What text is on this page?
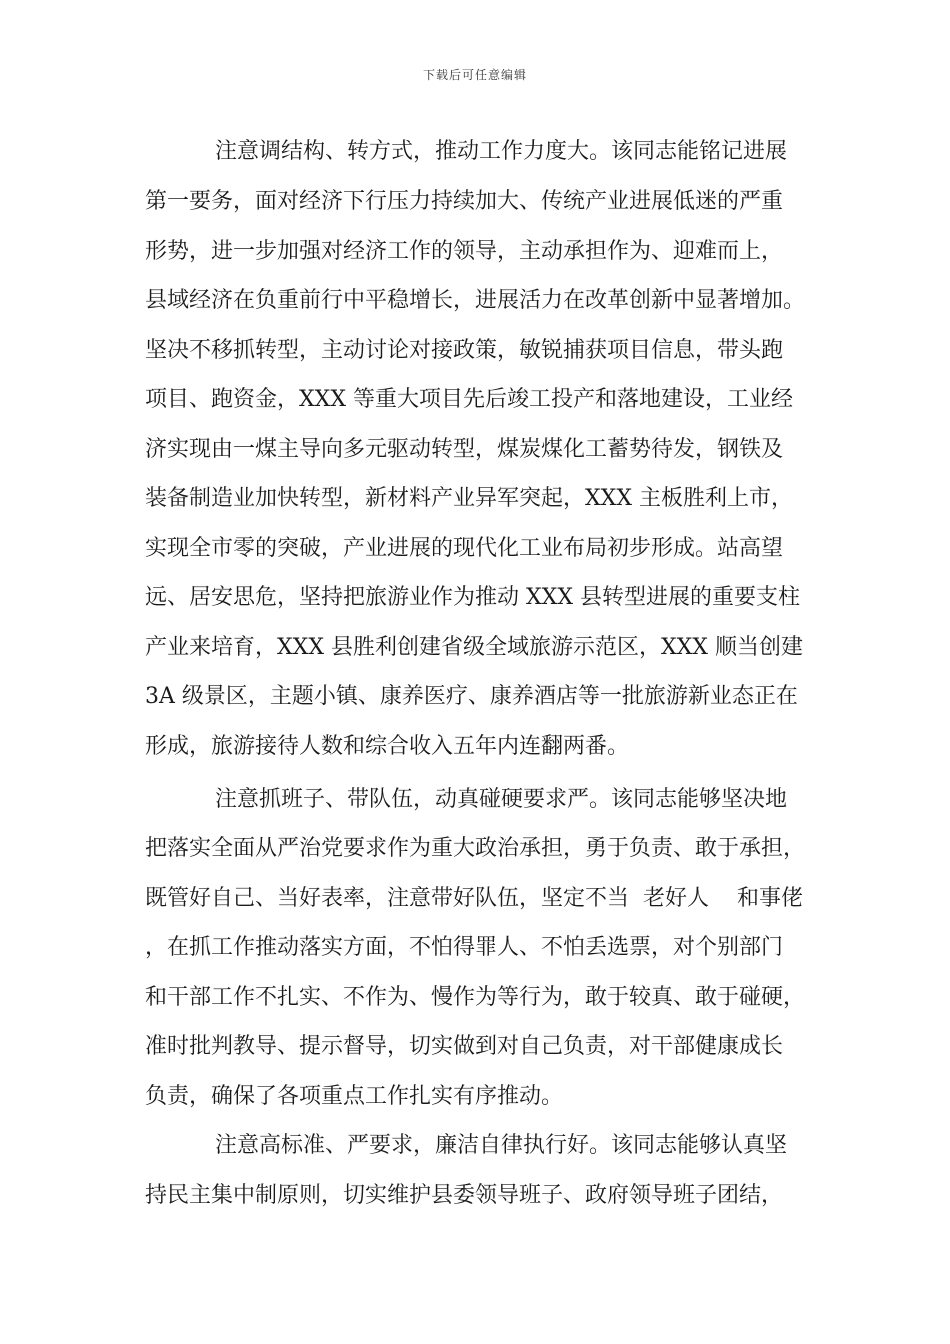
下载后可任意编辑
注意调结构、转方式，推动工作力度大。该同志能铭记进展
第一要务，面对经济下行压力持续加大、传统产业进展低迷的严重
形势，进一步加强对经济工作的领导，主动承担作为、迎难而上，
县域经济在负重前行中平稳增长，进展活力在改革创新中显著增加。
坚决不移抓转型，主动讨论对接政策，敏锐捕获项目信息，带头跑
项目、跑资金，XXX 等重大项目先后竣工投产和落地建设，工业经
济实现由一煤主导向多元驱动转型，煤炭煤化工蓄势待发，钢铁及
装备制造业加快转型，新材料产业异军突起，XXX 主板胜利上市，
实现全市零的突破，产业进展的现代化工业布局初步形成。站高望
远、居安思危，坚持把旅游业作为推动 XXX 县转型进展的重要支柱
产业来培育，XXX 县胜利创建省级全域旅游示范区，XXX 顺当创建
3A 级景区，主题小镇、康养医疗、康养酒店等一批旅游新业态正在
形成，旅游接待人数和综合收入五年内连翻两番。
注意抓班子、带队伍，动真碰硬要求严。该同志能够坚决地
把落实全面从严治党要求作为重大政治承担，勇于负责、敢于承担，
既管好自己、当好表率，注意带好队伍，坚定不当  老好人    和事佬
，在抓工作推动落实方面，不怕得罪人、不怕丢选票，对个别部门
和干部工作不扎实、不作为、慢作为等行为，敢于较真、敢于碰硬，
准时批判教导、提示督导，切实做到对自己负责，对干部健康成长
负责，确保了各项重点工作扎实有序推动。
注意高标准、严要求，廉洁自律执行好。该同志能够认真坚
持民主集中制原则，切实维护县委领导班子、政府领导班子团结，
